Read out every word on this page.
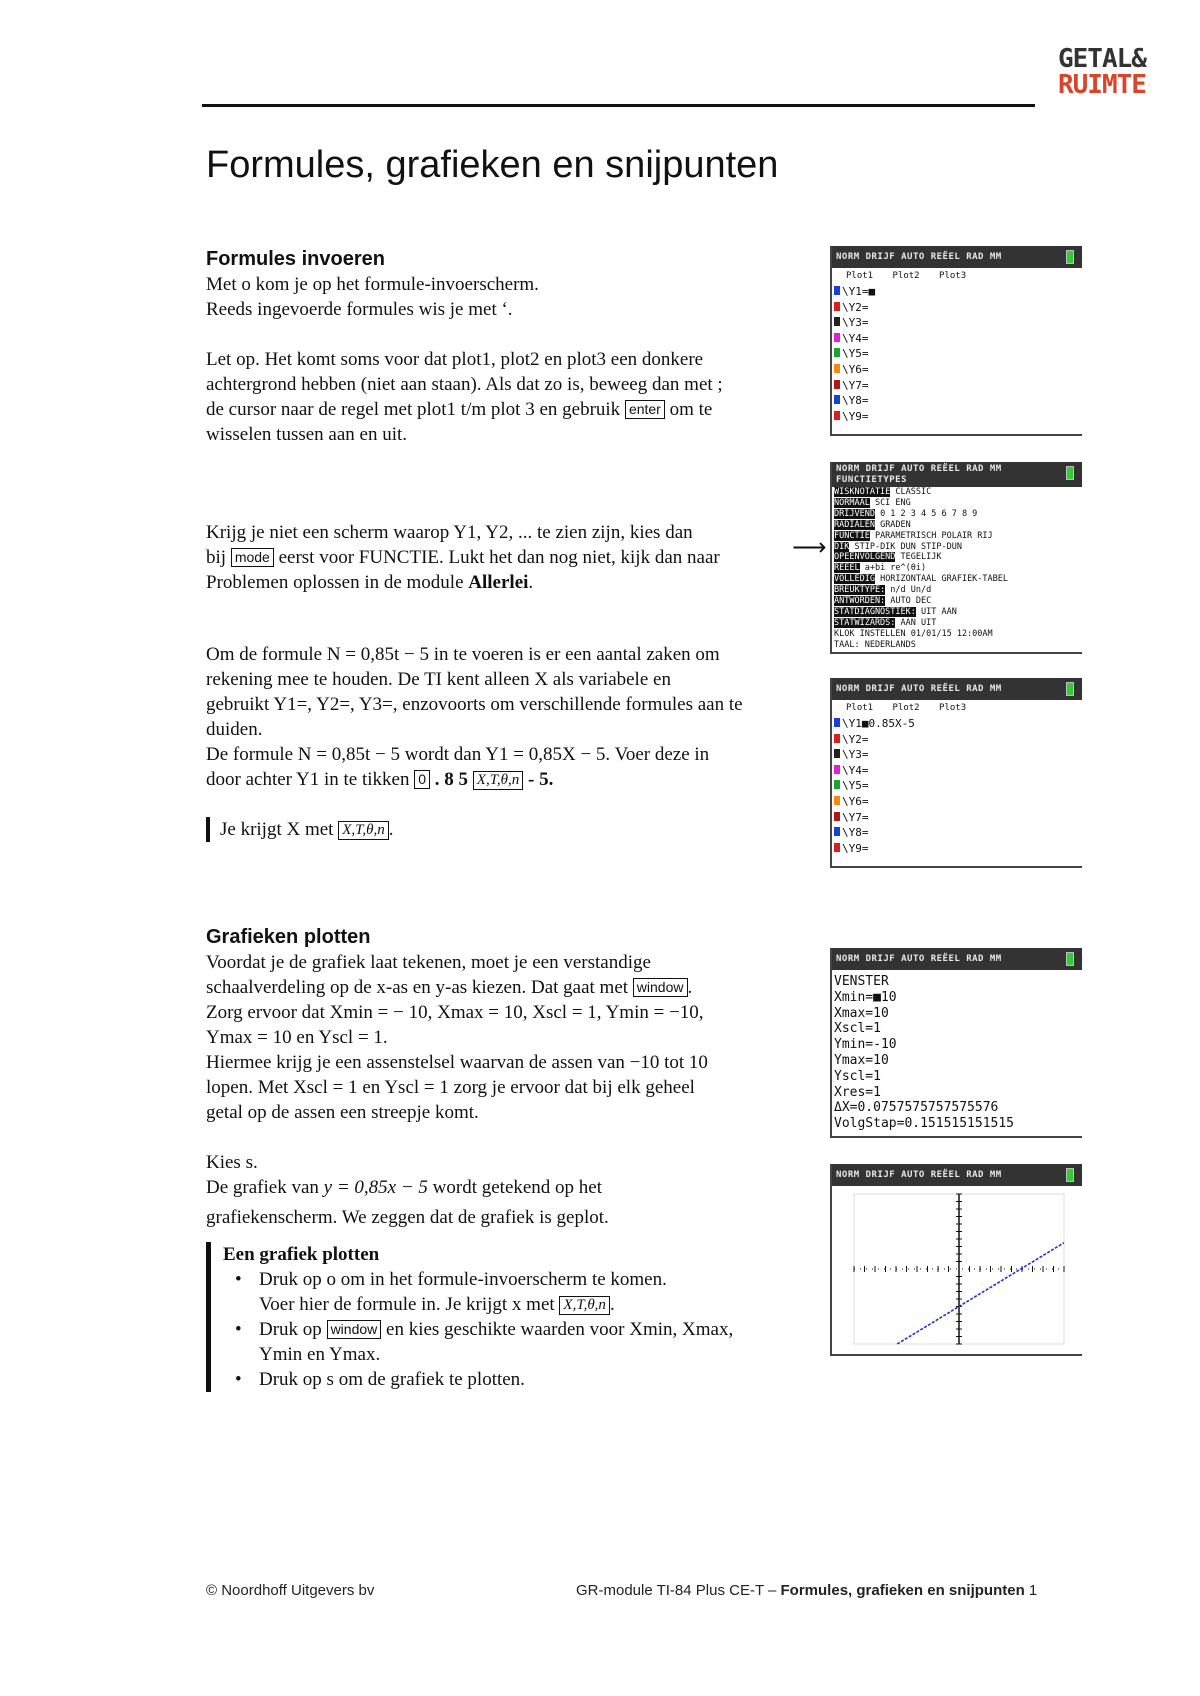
GETAL&
RUIMTE
Formules, grafieken en snijpunten
Formules invoeren

Met o kom je op het formule-invoerscherm.

Reeds ingevoerde formules wis je met ‘.

Let op. Het komt soms voor dat plot1, plot2 en plot3 een donkere

achtergrond hebben (niet aan staan). Als dat zo is, beweeg dan met ;

de cursor naar de regel met plot1 t/m plot 3 en gebruik enter om te

wisselen tussen aan en uit.

Krijg je niet een scherm waarop Y1, Y2, ... te zien zijn, kies dan

bij mode eerst voor FUNCTIE. Lukt het dan nog niet, kijk dan naar

Problemen oplossen in de module Allerlei.

Om de formule N = 0,85t − 5 in te voeren is er een aantal zaken om

rekening mee te houden. De TI kent alleen X als variabele en

gebruikt Y1=, Y2=, Y3=, enzovoorts om verschillende formules aan te

duiden.

De formule N = 0,85t − 5 wordt dan Y1 = 0,85X − 5. Voer deze in

door achter Y1 in te tikken 0 . 8 5 X,T,θ,n - 5.

Je krijgt X met X,T,θ,n .

Grafieken plotten

Voordat je de grafiek laat tekenen, moet je een verstandige

schaalverdeling op de x-as en y-as kiezen. Dat gaat met window .

Zorg ervoor dat Xmin = − 10, Xmax = 10, Xscl = 1, Ymin = −10,

Ymax = 10 en Yscl = 1.

Hiermee krijg je een assenstelsel waarvan de assen van −10 tot 10

lopen. Met Xscl = 1 en Yscl = 1 zorg je ervoor dat bij elk geheel

getal op de assen een streepje komt.

Kies s.

De grafiek van y = 0,85x − 5 wordt getekend op het

grafiekenscherm. We zeggen dat de grafiek is geplot.

Een grafiek plotten

• Druk op o om in het formule-invoerscherm te komen.

Voer hier de formule in. Je krijgt x met X,T,θ,n .

• Druk op window en kies geschikte waarden voor Xmin, Xmax,

Ymin en Ymax.

• Druk op s om de grafiek te plotten.

NORM DRIJF AUTO REËEL RAD MM
Plot1 Plot2 Plot3
\Y1=■
\Y2=
\Y3=
\Y4=
\Y5=
\Y6=
\Y7=
\Y8=
\Y9=
⟶
NORM DRIJF AUTO REËEL RAD MM
FUNCTIETYPES
WISKNOTATIE CLASSIC
NORMAAL SCI ENG
DRIJVEND 0 1 2 3 4 5 6 7 8 9
RADIALEN GRADEN
FUNCTIE PARAMETRISCH POLAIR RIJ
DIK STIP-DIK DUN STIP-DUN
OPEENVOLGEND TEGELIJK
REËEL a+bi re^(θi)
VOLLEDIG HORIZONTAAL GRAFIEK-TABEL
BREUKTYPE: n/d Un/d
ANTWORDEN: AUTO DEC
STATDIAGNOSTIEK: UIT AAN
STATWIZARDS: AAN UIT
KLOK INSTELLEN 01/01/15 12:00AM
TAAL: NEDERLANDS
NORM DRIJF AUTO REËEL RAD MM
Plot1 Plot2 Plot3
\Y1■0.85X-5
\Y2=
\Y3=
\Y4=
\Y5=
\Y6=
\Y7=
\Y8=
\Y9=
NORM DRIJF AUTO REËEL RAD MM
VENSTER
Xmin=■10
Xmax=10
Xscl=1
Ymin=-10
Ymax=10
Yscl=1
Xres=1
ΔX=0.0757575757575576
VolgStap=0.151515151515
NORM DRIJF AUTO REËEL RAD MM
© Noordhoff Uitgevers bv	GR-module TI-84 Plus CE-T – Formules, grafieken en snijpunten 1
